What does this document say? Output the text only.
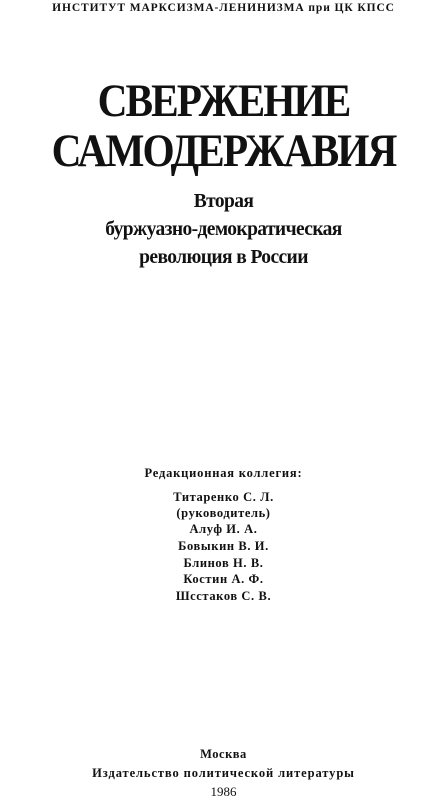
ИНСТИТУТ МАРКСИЗМА-ЛЕНИНИЗМА при ЦК КПСС
СВЕРЖЕНИЕ
САМОДЕРЖАВИЯ
Вторая
буржуазно-демократическая
революция в России
Редакционная коллегия:
Титаренко С. Л.
(руководитель)
Алуф И. А.
Бовыкин В. И.
Блинов Н. В.
Костин А. Ф.
Шсстаков С. В.
Москва
Издательство политической литературы
1986
